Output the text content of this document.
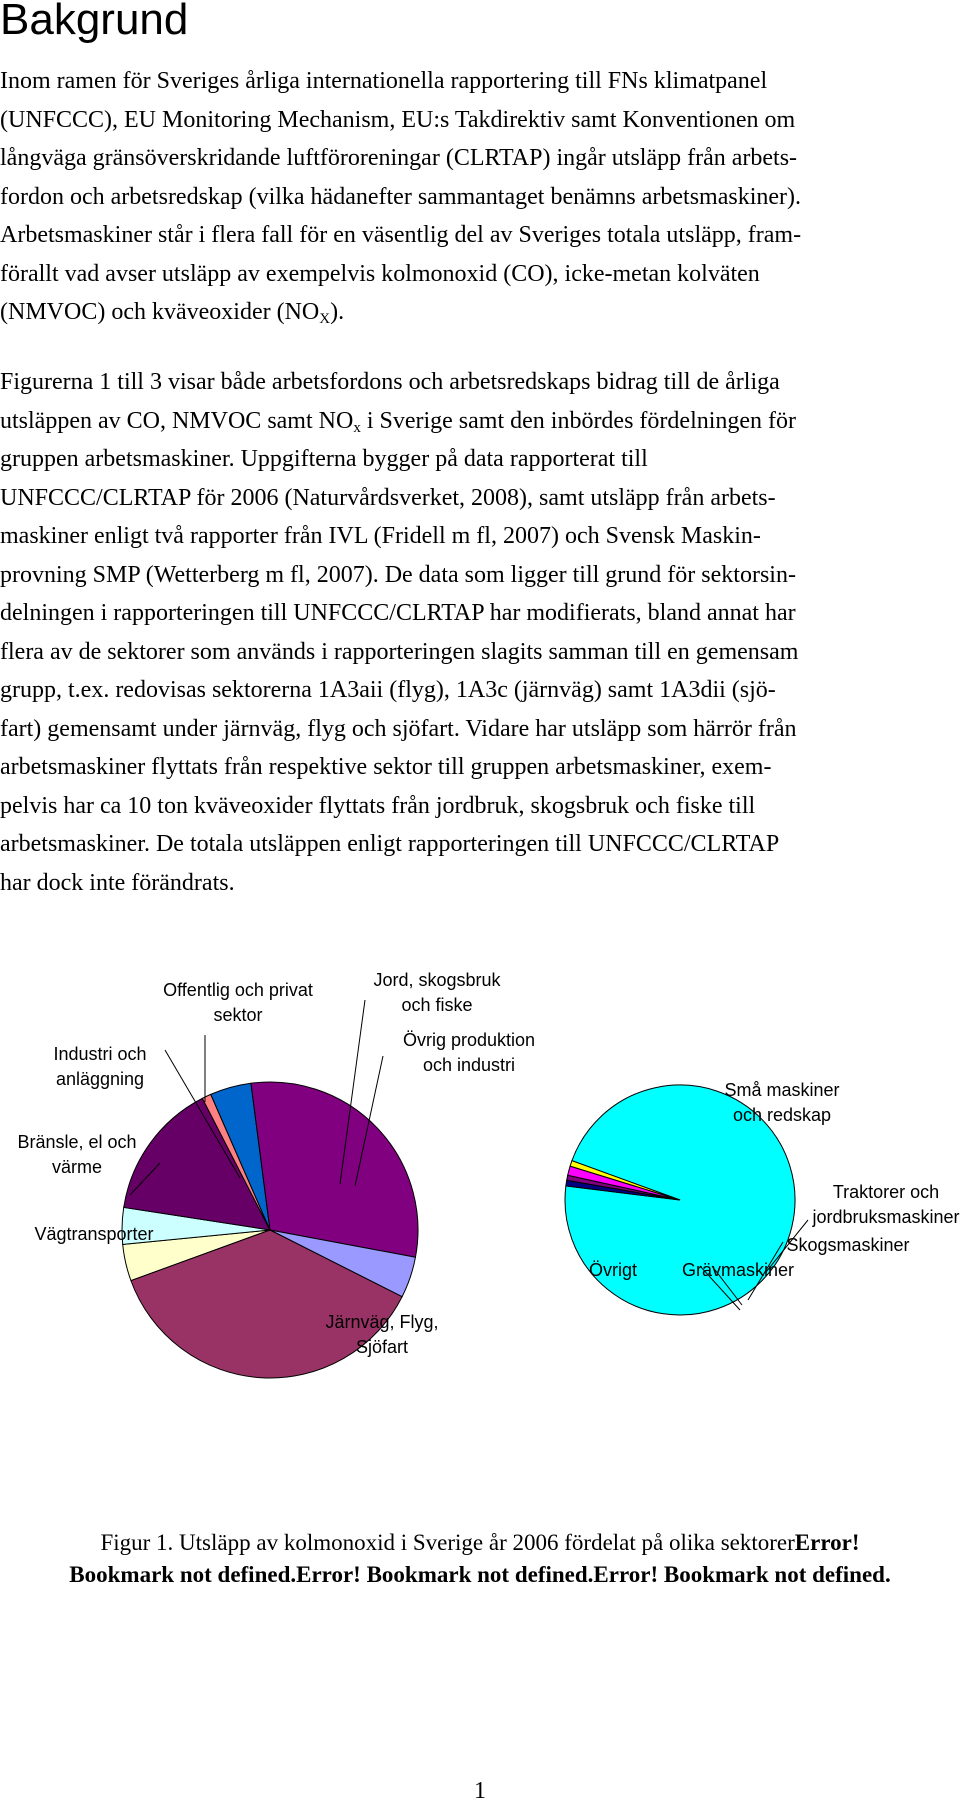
Bakgrund

Inom ramen för Sveriges årliga internationella rapportering till FNs klimatpanel
(UNFCCC), EU Monitoring Mechanism, EU:s Takdirektiv samt Konventionen om
långväga gränsöverskridande luftföroreningar (CLRTAP) ingår utsläpp från arbets-
fordon och arbetsredskap (vilka hädanefter sammantaget benämns arbetsmaskiner).
Arbetsmaskiner står i flera fall för en väsentlig del av Sveriges totala utsläpp, fram-
förallt vad avser utsläpp av exempelvis kolmonoxid (CO), icke-metan kolväten
(NMVOC) och kväveoxider $(NO_X)$.

Figurerna 1 till 3 visar både arbetsfordons och arbetsredskaps bidrag till de årliga
utsläppen av CO, NMVOC samt $NO_x$ i Sverige samt den inbördes fördelningen för
gruppen arbetsmaskiner. Uppgifterna bygger på data rapporterat till
UNFCCC/CLRTAP för 2006 (Naturvårdsverket, 2008), samt utsläpp från arbets-
maskiner enligt två rapporter från IVL (Fridell m fl, 2007) och Svensk Maskin-
provning SMP (Wetterberg m fl, 2007). De data som ligger till grund för sektorsin-
delningen i rapporteringen till UNFCCC/CLRTAP har modifierats, bland annat har
flera av de sektorer som används i rapporteringen slagits samman till en gemensam
grupp, t.ex. redovisas sektorerna 1A3aii (flyg), 1A3c (järnväg) samt 1A3dii (sjö-
fart) gemensamt under järnväg, flyg och sjöfart. Vidare har utsläpp som härrör från
arbetsmaskiner flyttats från respektive sektor till gruppen arbetsmaskiner, exem-
pelvis har ca 10 ton kväveoxider flyttats från jordbruk, skogsbruk och fiske till
arbetsmaskiner. De totala utsläppen enligt rapporteringen till UNFCCC/CLRTAP
har dock inte förändrats.

Bränsle, el och
värme
Industri och
anläggning
Offentlig och privat
sektor
Jord, skogsbruk
och fiske
Övrig produktion
och industri
Järnväg, Flyg,
Sjöfart
Vägtransporter
Små maskiner
och redskap
Traktorer och
jordbruksmaskiner
Skogsmaskiner
Grävmaskiner
Övrigt

Figur 1. Utsläpp av kolmonoxid i Sverige år 2006 fördelat på olika sektorerError!
Bookmark not defined.Error! Bookmark not defined.Error! Bookmark not defined.

1
